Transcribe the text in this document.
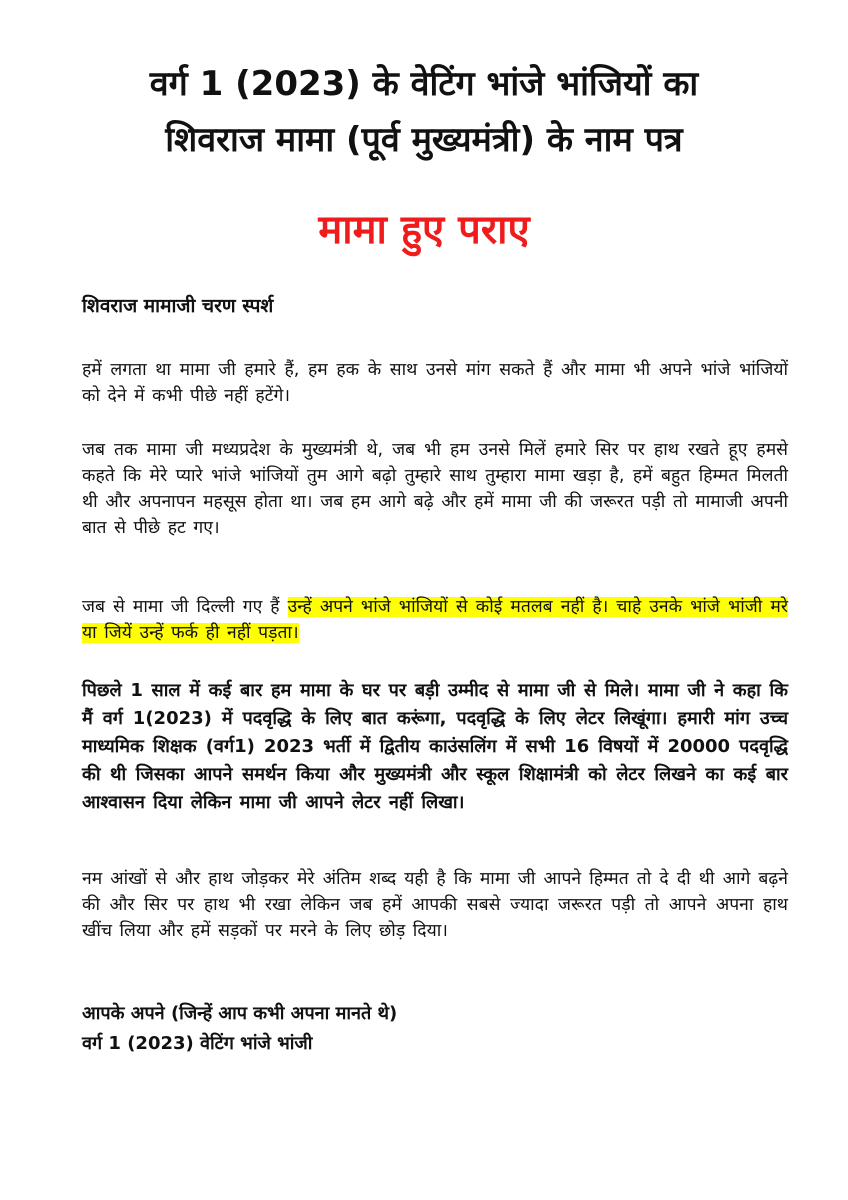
वर्ग 1 (2023) के वेटिंग भांजे भांजियों का
शिवराज मामा (पूर्व मुख्यमंत्री) के नाम पत्र
मामा हुए पराए

शिवराज मामाजी चरण स्पर्श

हमें लगता था मामा जी हमारे हैं, हम हक के साथ उनसे मांग सकते हैं और मामा भी अपने भांजे भांजियों को देने में कभी पीछे नहीं हटेंगे।

जब तक मामा जी मध्यप्रदेश के मुख्यमंत्री थे, जब भी हम उनसे मिलें हमारे सिर पर हाथ रखते हूए हमसे कहते कि मेरे प्यारे भांजे भांजियों तुम आगे बढ़ो तुम्हारे साथ तुम्हारा मामा खड़ा है, हमें बहुत हिम्मत मिलती थी और अपनापन महसूस होता था। जब हम आगे बढ़े और हमें मामा जी की जरूरत पड़ी तो मामाजी अपनी बात से पीछे हट गए।

जब से मामा जी दिल्ली गए हैं उन्हें अपने भांजे भांजियों से कोई मतलब नहीं है। चाहे उनके भांजे भांजी मरे या जियें उन्हें फर्क ही नहीं पड़ता।

पिछले 1 साल में कई बार हम मामा के घर पर बड़ी उम्मीद से मामा जी से मिले। मामा जी ने कहा कि मैं वर्ग 1(2023) में पदवृद्धि के लिए बात करूंगा, पदवृद्धि के लिए लेटर लिखूंगा। हमारी मांग उच्च माध्यमिक शिक्षक (वर्ग1) 2023 भर्ती में द्वितीय काउंसलिंग में सभी 16 विषयों में 20000 पदवृद्धि की थी जिसका आपने समर्थन किया और मुख्यमंत्री और स्कूल शिक्षामंत्री को लेटर लिखने का कई बार आश्वासन दिया लेकिन मामा जी आपने लेटर नहीं लिखा।

नम आंखों से और हाथ जोड़कर मेरे अंतिम शब्द यही है कि मामा जी आपने हिम्मत तो दे दी थी आगे बढ़ने की और सिर पर हाथ भी रखा लेकिन जब हमें आपकी सबसे ज्यादा जरूरत पड़ी तो आपने अपना हाथ खींच लिया और हमें सड़कों पर मरने के लिए छोड़ दिया।

आपके अपने (जिन्हें आप कभी अपना मानते थे)

वर्ग 1 (2023) वेटिंग भांजे भांजी
